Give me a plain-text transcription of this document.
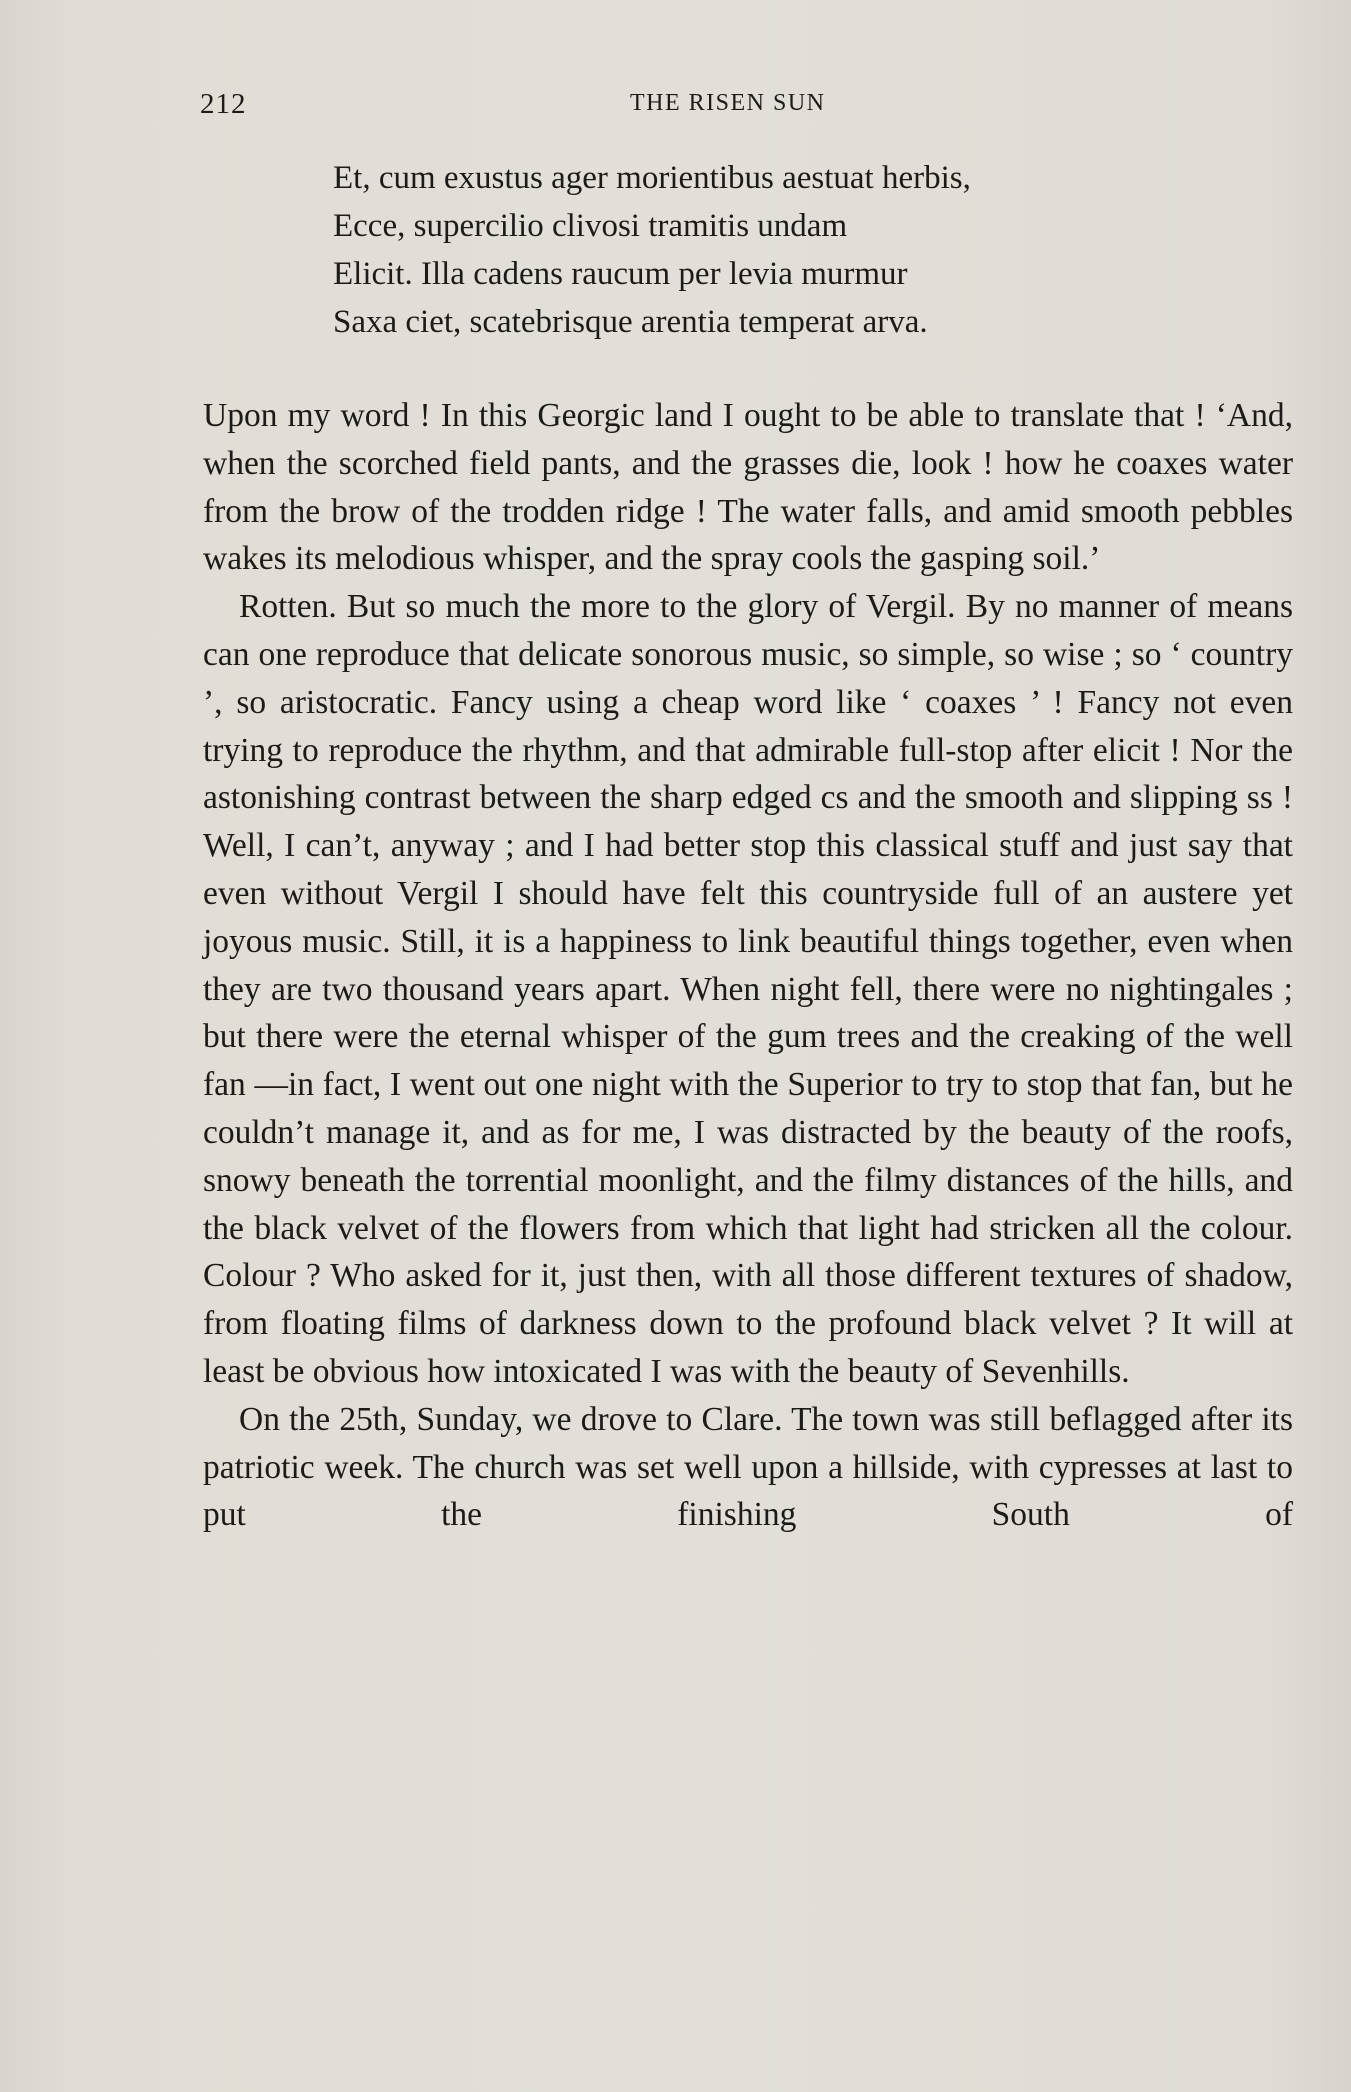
212	THE RISEN SUN
Et, cum exustus ager morientibus aestuat herbis,
Ecce, supercilio clivosi tramitis undam
Elicit. Illa cadens raucum per levia murmur
Saxa ciet, scatebrisque arentia temperat arva.

Upon my word ! In this Georgic land I ought to be able to translate that ! ‘And, when the scorched field pants, and the grasses die, look ! how he coaxes water from the brow of the trodden ridge ! The water falls, and amid smooth pebbles wakes its melodious whisper, and the spray cools the gasping soil.’

Rotten. But so much the more to the glory of Vergil. By no manner of means can one reproduce that delicate sonorous music, so simple, so wise ; so ‘ country ’, so aristocratic. Fancy using a cheap word like ‘ coaxes ’ ! Fancy not even trying to reproduce the rhythm, and that admirable full-stop after elicit ! Nor the astonishing contrast between the sharp edged cs and the smooth and slipping ss ! Well, I can’t, anyway ; and I had better stop this classical stuff and just say that even without Vergil I should have felt this countryside full of an austere yet joyous music. Still, it is a happiness to link beautiful things together, even when they are two thousand years apart. When night fell, there were no nightingales ; but there were the eternal whisper of the gum trees and the creaking of the well fan —in fact, I went out one night with the Superior to try to stop that fan, but he couldn’t manage it, and as for me, I was distracted by the beauty of the roofs, snowy beneath the torrential moonlight, and the filmy distances of the hills, and the black velvet of the flowers from which that light had stricken all the colour. Colour ? Who asked for it, just then, with all those different textures of shadow, from floating films of darkness down to the profound black velvet ? It will at least be obvious how intoxicated I was with the beauty of Sevenhills.

On the 25th, Sunday, we drove to Clare. The town was still beflagged after its patriotic week. The church was set well upon a hillside, with cypresses at last to put the finishing South of
